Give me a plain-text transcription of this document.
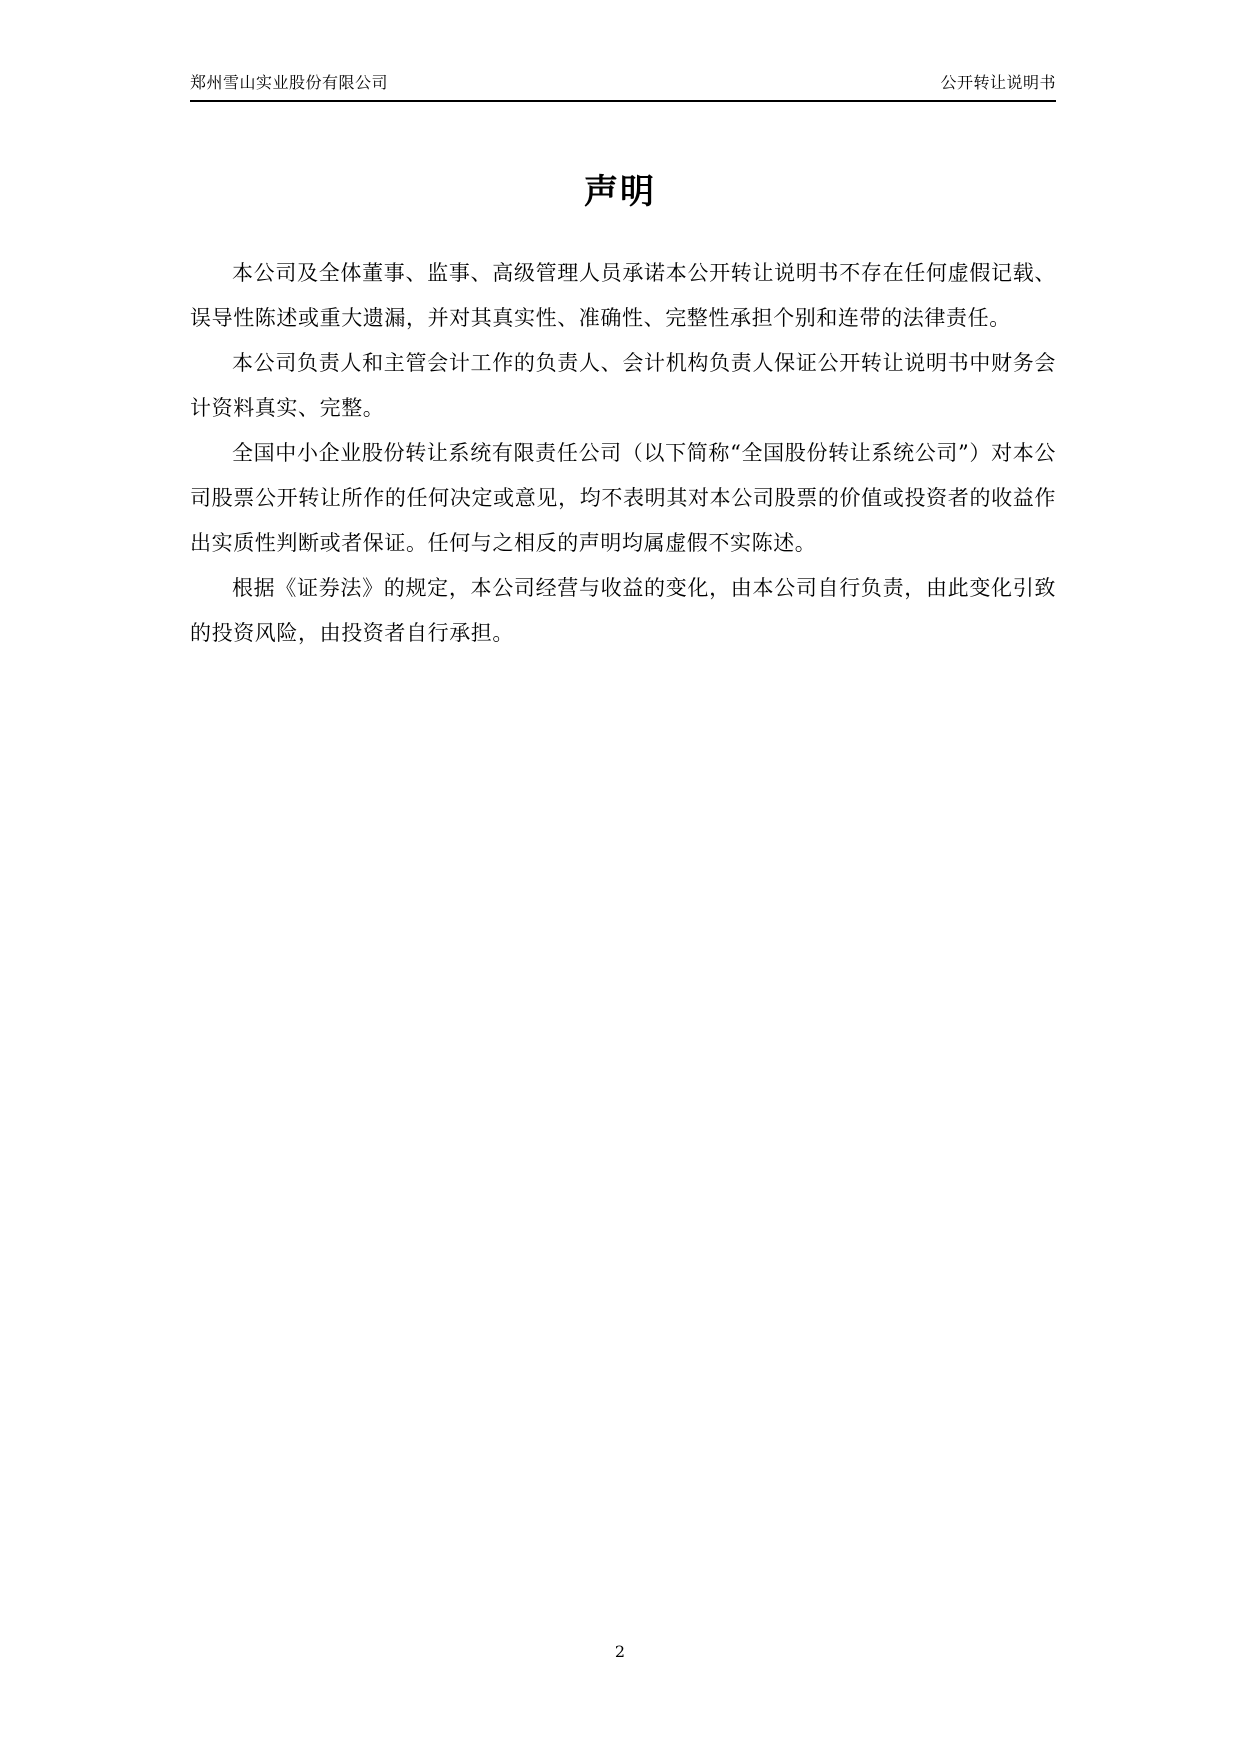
郑州雪山实业股份有限公司	公开转让说明书
声明

本公司及全体董事、监事、高级管理人员承诺本公开转让说明书不存在任何虚假记载、误导性陈述或重大遗漏，并对其真实性、准确性、完整性承担个别和连带的法律责任。

本公司负责人和主管会计工作的负责人、会计机构负责人保证公开转让说明书中财务会计资料真实、完整。

全国中小企业股份转让系统有限责任公司（以下简称“全国股份转让系统公司”）对本公司股票公开转让所作的任何决定或意见，均不表明其对本公司股票的价值或投资者的收益作出实质性判断或者保证。任何与之相反的声明均属虚假不实陈述。

根据《证券法》的规定，本公司经营与收益的变化，由本公司自行负责，由此变化引致的投资风险，由投资者自行承担。

2
